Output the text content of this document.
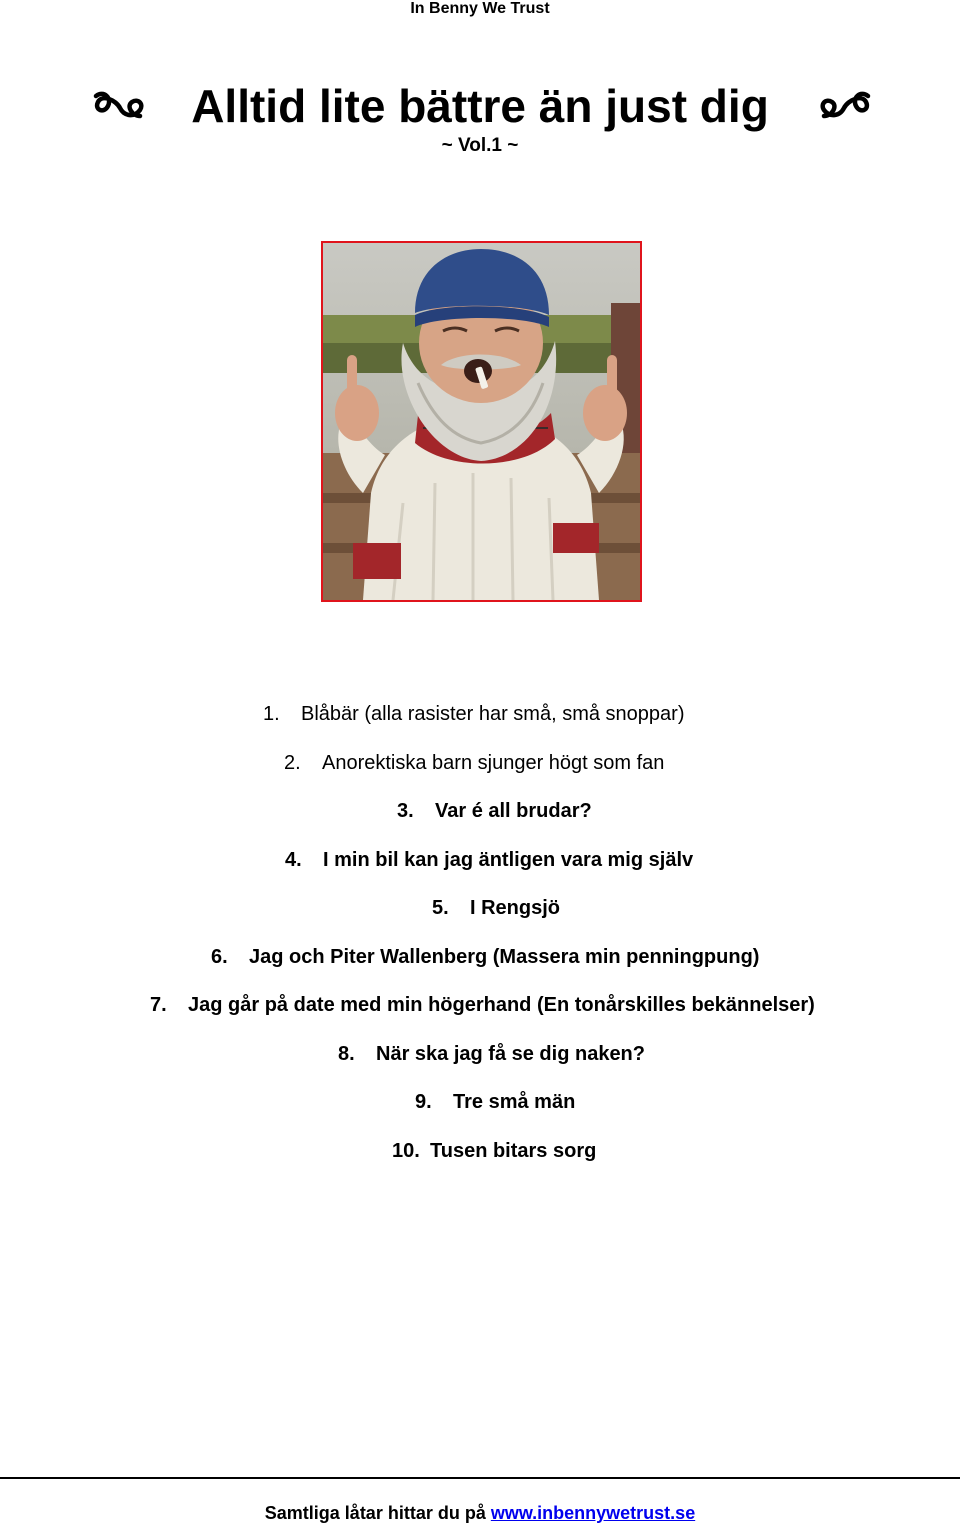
In Benny We Trust
Alltid lite bättre än just dig
~ Vol.1 ~
1. Blåbär (alla rasister har små, små snoppar)
2. Anorektiska barn sjunger högt som fan
3. Var é all brudar?
4. I min bil kan jag äntligen vara mig själv
5. I Rengsjö
6. Jag och Piter Wallenberg (Massera min penningpung)
7. Jag går på date med min högerhand (En tonårskilles bekännelser)
8. När ska jag få se dig naken?
9. Tre små män
10. Tusen bitars sorg
Samtliga låtar hittar du på www.inbennywetrust.se
